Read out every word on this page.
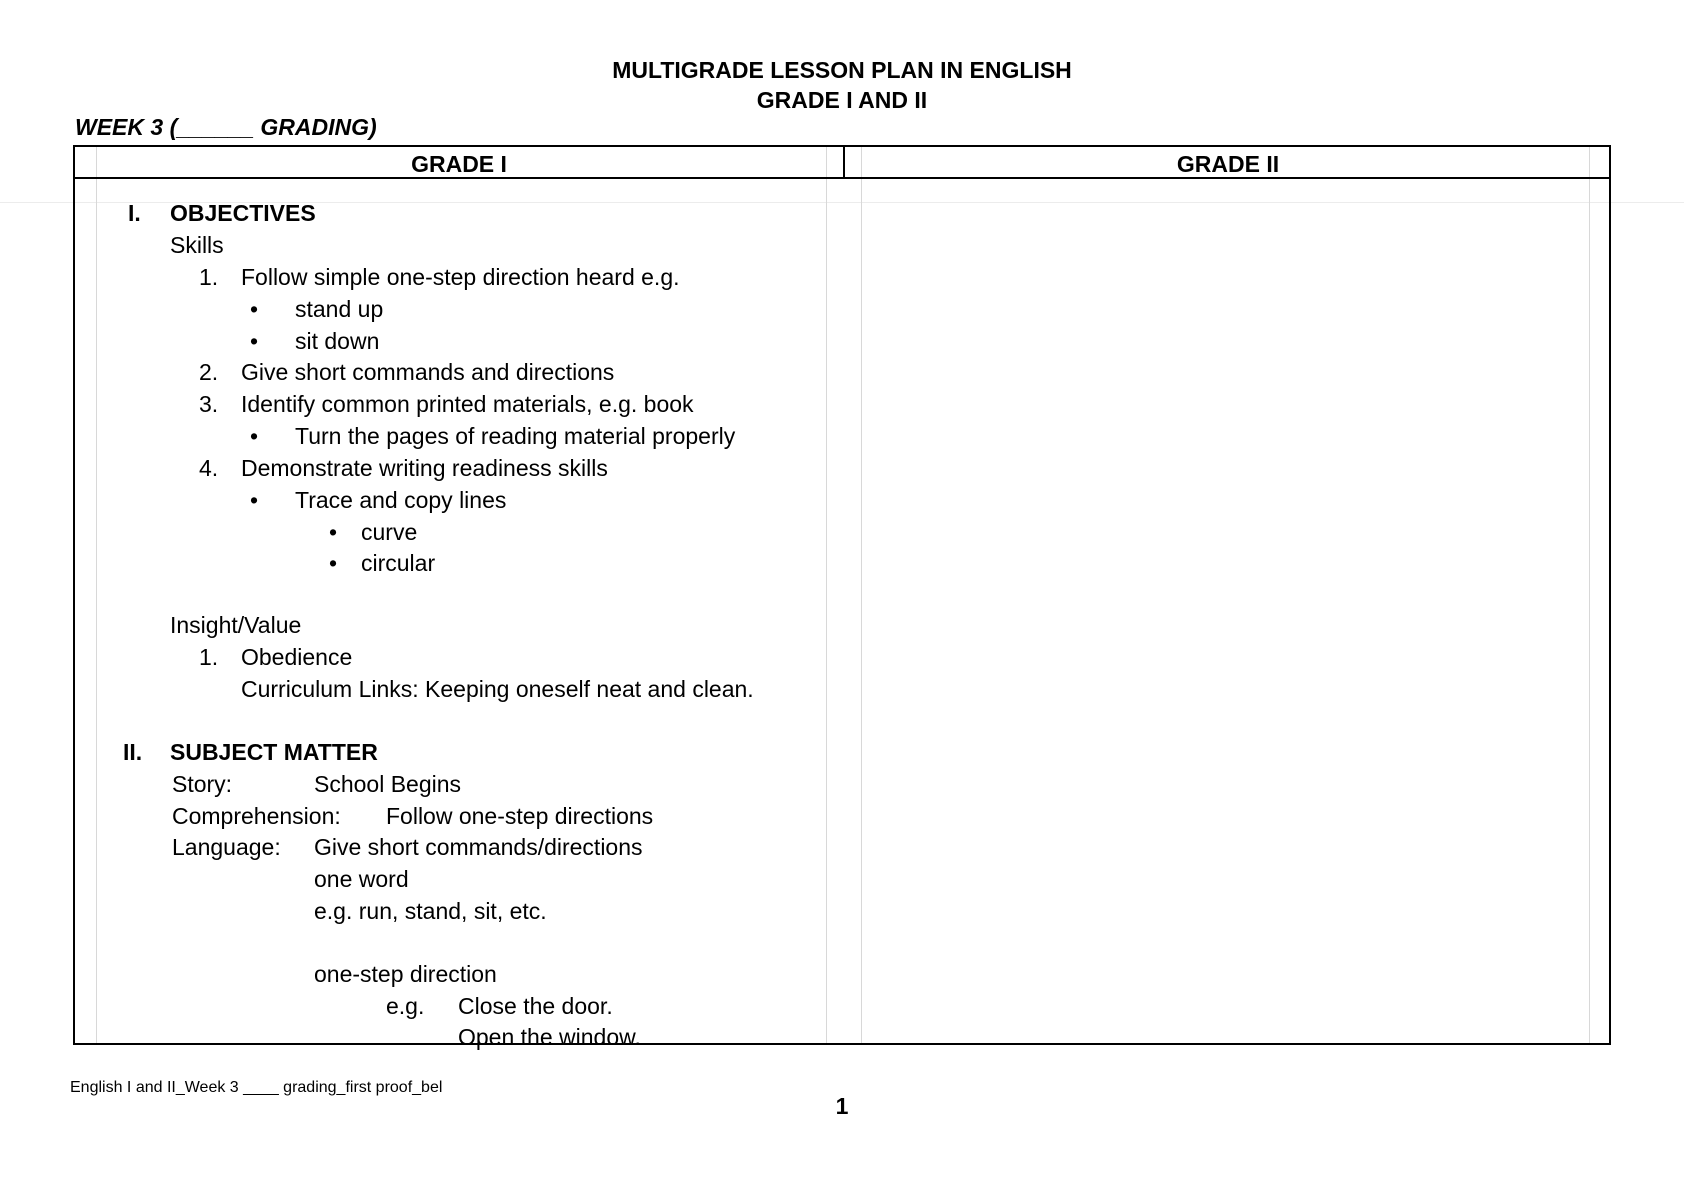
MULTIGRADE LESSON PLAN IN ENGLISH
GRADE I AND II
WEEK 3 (______ GRADING)
GRADE I	GRADE II
I. OBJECTIVES
Skills
1. Follow simple one-step direction heard e.g.
• stand up
• sit down
2. Give short commands and directions
3. Identify common printed materials, e.g. book
• Turn the pages of reading material properly
4. Demonstrate writing readiness skills
• Trace and copy lines
• curve
• circular
Insight/Value
1. Obedience
Curriculum Links: Keeping oneself neat and clean.
II. SUBJECT MATTER
Story:	School Begins
Comprehension: Follow one-step directions
Language: Give short commands/directions
one word
e.g. run, stand, sit, etc.
one-step direction
e.g. Close the door.
Open the window.
English I and II_Week 3 ____ grading_first proof_bel
1
